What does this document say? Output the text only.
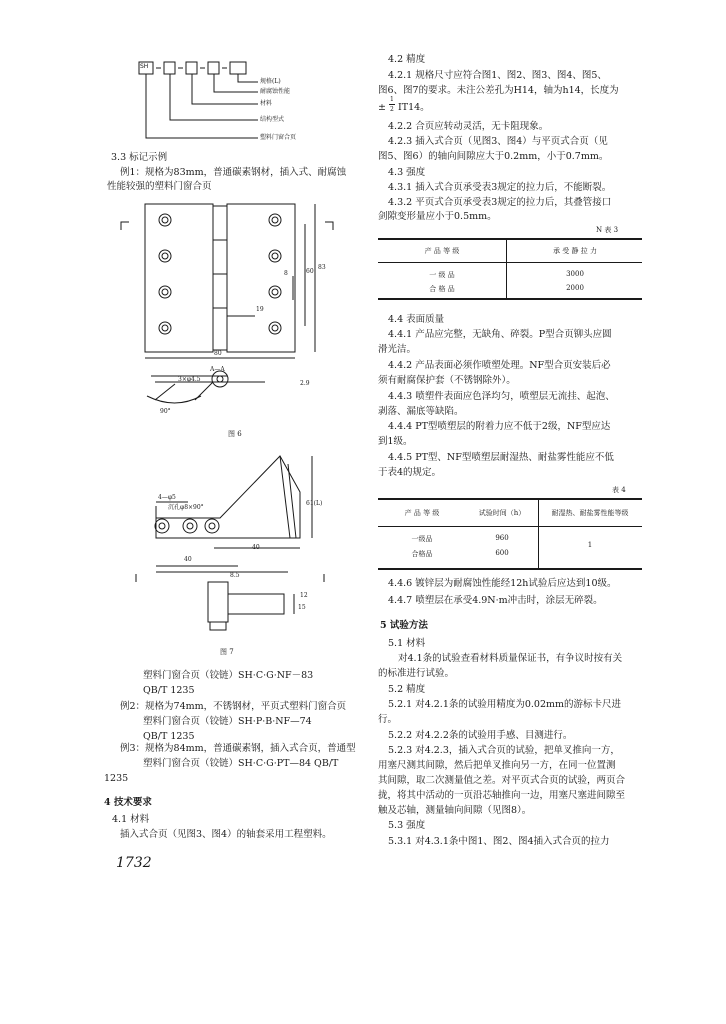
SH
规格(L)
耐腐蚀性能
材料
结构型式
塑料门窗合页
3.3 标记示例
例1：规格为83mm，普通碳素钢材，插入式、耐腐蚀
性能较强的塑料门窗合页
80
83
60
19
8
A—A
3×φ4.5
2.9
90°
图 6
4—φ5
沉孔φ8×90°
61(L)
40
40
12
8.5
15
图 7
塑料门窗合页（铰链）SH·C·G·NF－83
QB/T 1235
例2：规格为74mm，不锈钢材，平页式塑料门窗合页
塑料门窗合页（铰链）SH·P·B·NF—74
QB/T 1235
例3：规格为84mm，普通碳素钢，插入式合页，普通型
塑料门窗合页（铰链）SH·C·G·PT—84 QB/T
1235
4 技术要求
4.1 材料
插入式合页（见图3、图4）的轴套采用工程塑料。
1732
4.2 精度
4.2.1 规格尺寸应符合图1、图2、图3、图4、图5、
图6、图7的要求。未注公差孔为H14，轴为h14，长度为
±
1
2 IT14。
4.2.2 合页应转动灵活，无卡阻现象。
4.2.3 插入式合页（见图3、图4）与平页式合页（见
图5、图6）的轴向间隙应大于0.2mm，小于0.7mm。
4.3 强度
4.3.1 插入式合页承受表3规定的拉力后，不能断裂。
4.3.2 平页式合页承受表3规定的拉力后，其叠管接口
剑隙变形量应小于0.5mm。
N 表 3
产 品 等 级	承 受 静 拉 力
一 级 品	3000
合 格 品	2000
4.4 表面质量
4.4.1 产品应完整，无缺角、碎裂。P型合页铆头应圆
滑光洁。
4.4.2 产品表面必须作喷塑处理。NF型合页安装后必
须有耐腐保护套（不锈钢除外）。
4.4.3 喷塑件表面应色泽均匀，喷塑层无流挂、起泡、
剥落、漏底等缺陷。
4.4.4 PT型喷塑层的附着力应不低于2级，NF型应达
到1级。
4.4.5 PT型、NF型喷塑层耐湿热、耐盐雾性能应不低
于表4的规定。
表 4
产 品 等 级	试验时间（h）	耐湿热、耐盐雾性能等级
一级品	960
合格品	600
1
4.4.6 镀锌层为耐腐蚀性能经12h试验后应达到10级。
4.4.7 喷塑层在承受4.9N·m冲击时，涂层无碎裂。
5 试验方法
5.1 材料
对4.1条的试验查看材料质量保证书，有争议时按有关
的标准进行试验。
5.2 精度
5.2.1 对4.2.1条的试验用精度为0.02mm的游标卡尺进
行。
5.2.2 对4.2.2条的试验用手感、目测进行。
5.2.3 对4.2.3，插入式合页的试验，把单叉推向一方，
用塞尺测其间隙，然后把单叉推向另一方，在同一位置测
其间隙，取二次测量值之差。对平页式合页的试验，两页合
拢，将其中活动的一页沿芯轴推向一边，用塞尺塞进间隙至
触及芯轴，测量轴向间隙（见图8）。
5.3 强度
5.3.1 对4.3.1条中图1、图2、图4插入式合页的拉力
